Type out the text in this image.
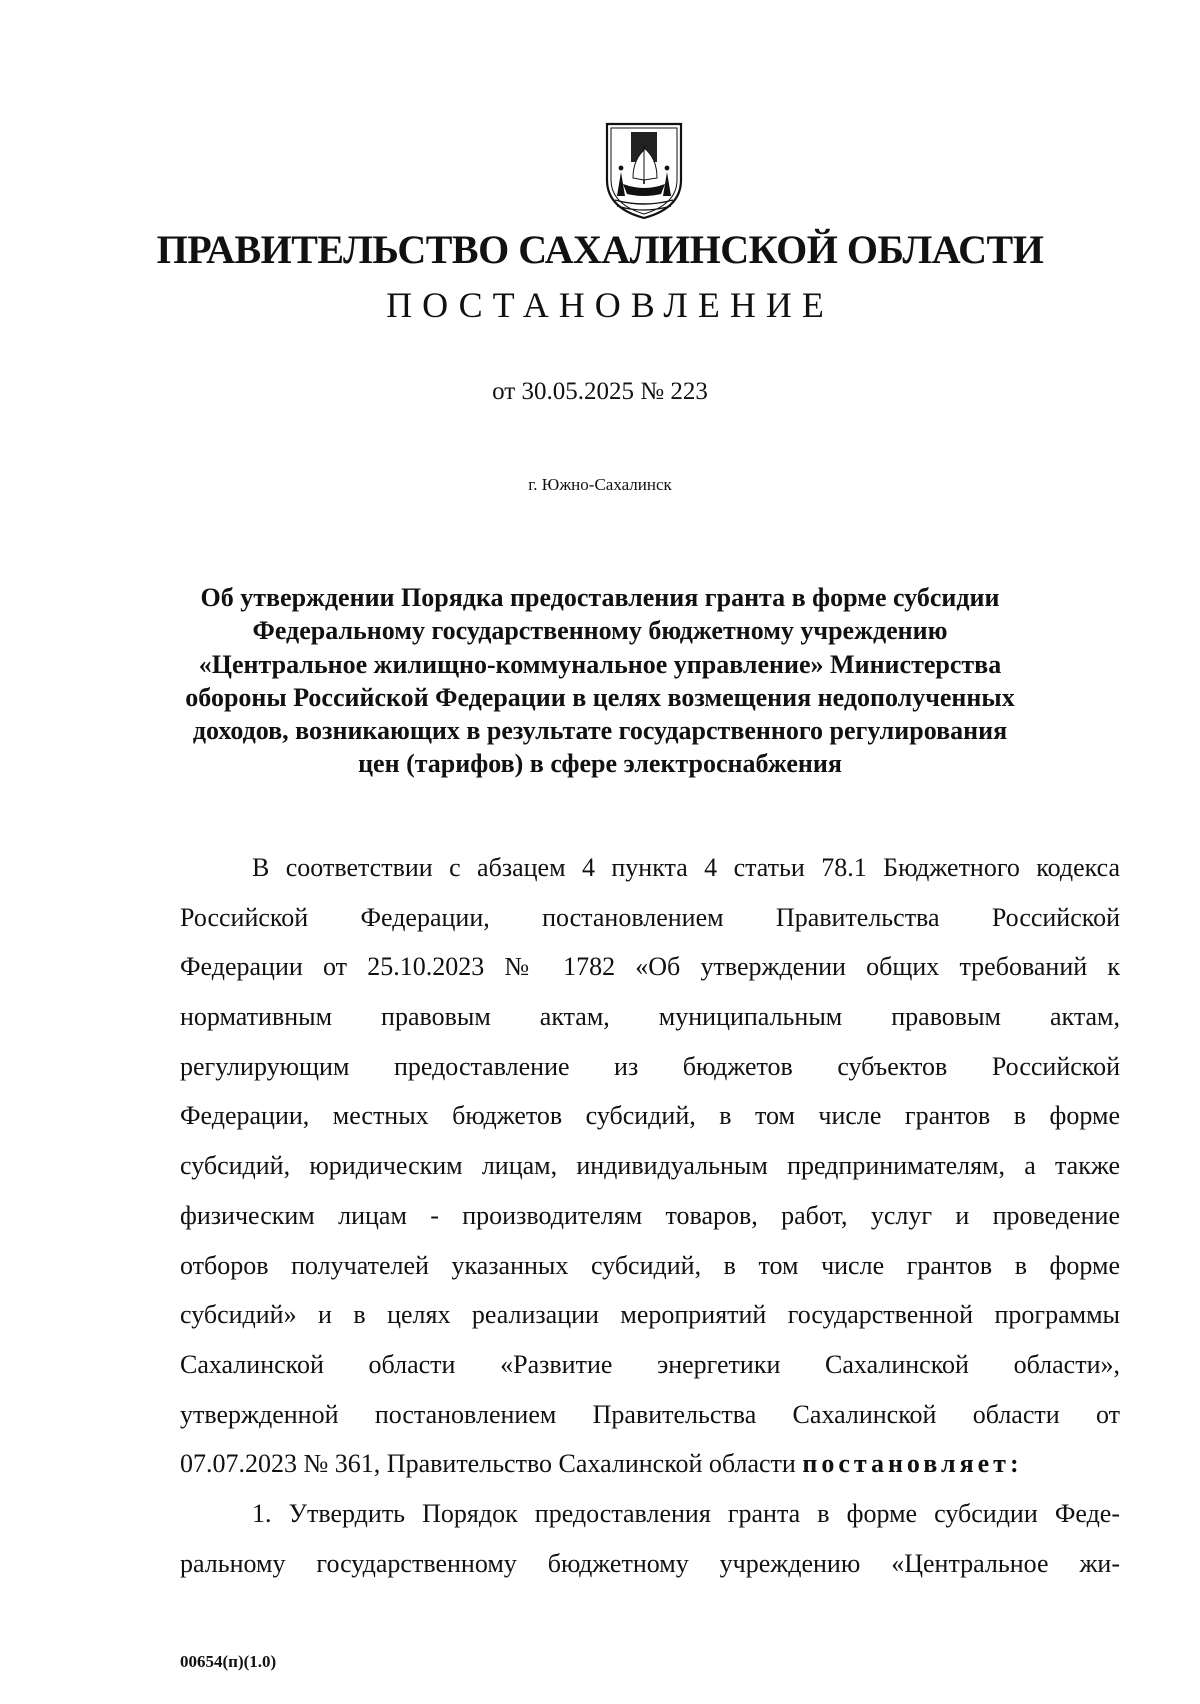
ПРАВИТЕЛЬСТВО САХАЛИНСКОЙ ОБЛАСТИ
ПОСТАНОВЛЕНИЕ
от 30.05.2025 № 223
г. Южно-Сахалинск
Об утверждении Порядка предоставления гранта в форме субсидии
Федеральному государственному бюджетному учреждению
«Центральное жилищно-коммунальное управление» Министерства
обороны Российской Федерации в целях возмещения недополученных
доходов, возникающих в результате государственного регулирования
цен (тарифов) в сфере электроснабжения
В соответствии с абзацем 4 пункта 4 статьи 78.1 Бюджетного кодекса
Российской Федерации, постановлением Правительства Российской
Федерации от 25.10.2023 № 1782 «Об утверждении общих требований к
нормативным правовым актам, муниципальным правовым актам,
регулирующим предоставление из бюджетов субъектов Российской
Федерации, местных бюджетов субсидий, в том числе грантов в форме
субсидий, юридическим лицам, индивидуальным предпринимателям, а также
физическим лицам - производителям товаров, работ, услуг и проведение
отборов получателей указанных субсидий, в том числе грантов в форме
субсидий» и в целях реализации мероприятий государственной программы
Сахалинской области «Развитие энергетики Сахалинской области»,
утвержденной постановлением Правительства Сахалинской области от
07.07.2023 № 361, Правительство Сахалинской области постановляет:
1. Утвердить Порядок предоставления гранта в форме субсидии Феде-
ральному государственному бюджетному учреждению «Центральное жи-
00654(п)(1.0)
